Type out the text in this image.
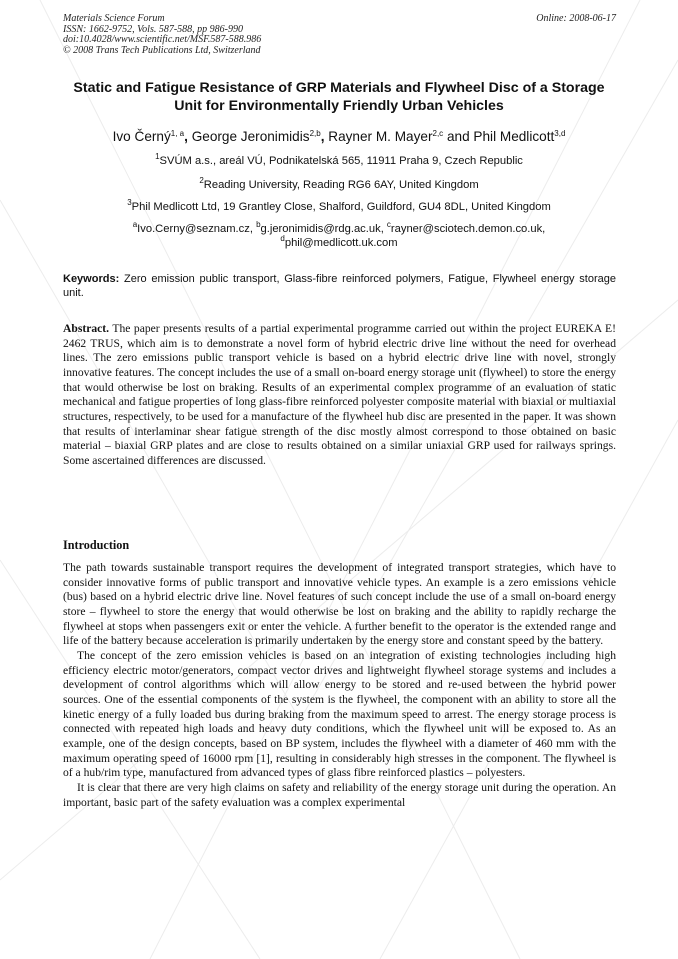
Materials Science Forum
ISSN: 1662-9752, Vols. 587-588, pp 986-990
doi:10.4028/www.scientific.net/MSF.587-588.986
© 2008 Trans Tech Publications Ltd, Switzerland
Online: 2008-06-17
Static and Fatigue Resistance of GRP Materials and Flywheel Disc of a Storage Unit for Environmentally Friendly Urban Vehicles
Ivo Černý$^{1, a}$, George Jeronimidis$^{2,b}$, Rayner M. Mayer$^{2,c}$ and Phil Medlicott$^{3,d}$
$^1$SVÚM a.s., areál VÚ, Podnikatelská 565, 11911 Praha 9, Czech Republic
$^2$Reading University, Reading RG6 6AY, United Kingdom
$^3$Phil Medlicott Ltd, 19 Grantley Close, Shalford, Guildford, GU4 8DL, United Kingdom
$^a$Ivo.Cerny@seznam.cz, $^b$g.jeronimidis@rdg.ac.uk, $^c$rayner@sciotech.demon.co.uk,
$^d$phil@medlicott.uk.com
Keywords: Zero emission public transport, Glass-fibre reinforced polymers, Fatigue, Flywheel energy storage unit.

Abstract. The paper presents results of a partial experimental programme carried out within the project EUREKA E! 2462 TRUS, which aim is to demonstrate a novel form of hybrid electric drive line without the need for overhead lines. The zero emissions public transport vehicle is based on a hybrid electric drive line with novel, strongly innovative features. The concept includes the use of a small on-board energy storage unit (flywheel) to store the energy that would otherwise be lost on braking. Results of an experimental complex programme of an evaluation of static mechanical and fatigue properties of long glass-fibre reinforced polyester composite material with biaxial or multiaxial structures, respectively, to be used for a manufacture of the flywheel hub disc are presented in the paper. It was shown that results of interlaminar shear fatigue strength of the disc mostly almost correspond to those obtained on basic material – biaxial GRP plates and are close to results obtained on a similar uniaxial GRP used for railways springs. Some ascertained differences are discussed.

Introduction

The path towards sustainable transport requires the development of integrated transport strategies, which have to consider innovative forms of public transport and innovative vehicle types. An example is a zero emissions vehicle (bus) based on a hybrid electric drive line. Novel features of such concept include the use of a small on-board energy store – flywheel to store the energy that would otherwise be lost on braking and the ability to rapidly recharge the flywheel at stops when passengers exit or enter the vehicle. A further benefit to the operator is the extended range and life of the battery because acceleration is primarily undertaken by the energy store and constant speed by the battery.

The concept of the zero emission vehicles is based on an integration of existing technologies including high efficiency electric motor/generators, compact vector drives and lightweight flywheel storage systems and includes a development of control algorithms which will allow energy to be stored and re-used between the hybrid power sources. One of the essential components of the system is the flywheel, the component with an ability to store all the kinetic energy of a fully loaded bus during braking from the maximum speed to arrest. The energy storage process is connected with repeated high loads and heavy duty conditions, which the flywheel unit will be exposed to. As an example, one of the design concepts, based on BP system, includes the flywheel with a diameter of 460 mm with the maximum operating speed of 16000 rpm [1], resulting in considerably high stresses in the component. The flywheel is of a hub/rim type, manufactured from advanced types of glass fibre reinforced plastics – polyesters.

It is clear that there are very high claims on safety and reliability of the energy storage unit during the operation. An important, basic part of the safety evaluation was a complex experimental
